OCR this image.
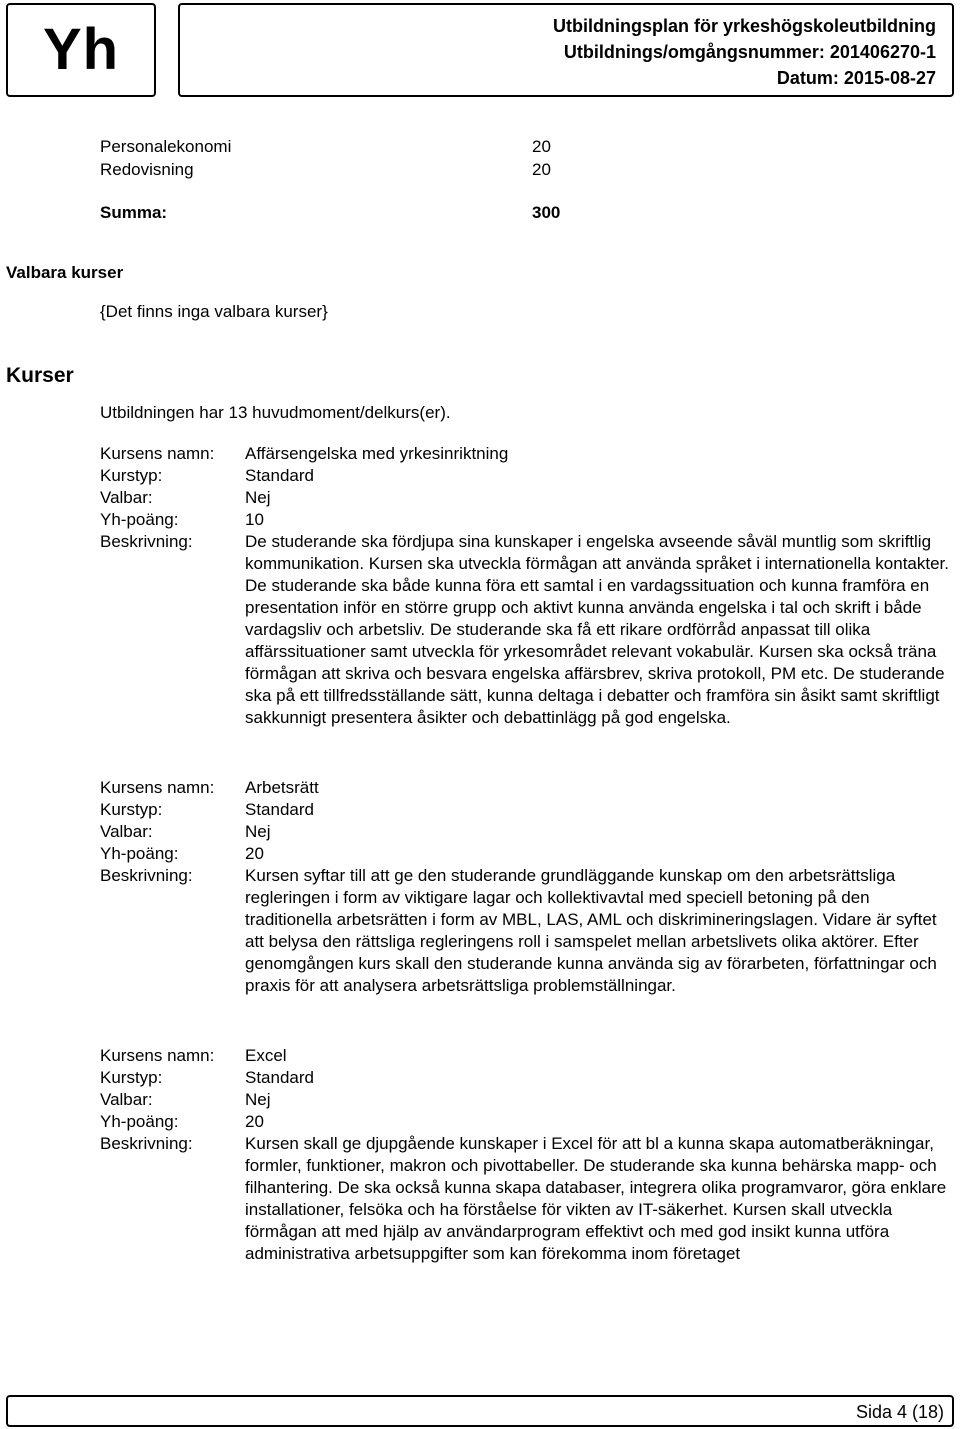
Yh	Utbildningsplan för yrkeshögskoleutbildning
Utbildnings/omgångsnummer: 201406270-1
Datum: 2015-08-27
Personalekonomi	20
Redovisning	20
Summa:	300
Valbara kurser
{Det finns inga valbara kurser}
Kurser
Utbildningen har 13 huvudmoment/delkurs(er).
Kursens namn:	Affärsengelska med yrkesinriktning
Kurstyp:	Standard
Valbar:	Nej
Yh-poäng:	10
Beskrivning:	De studerande ska fördjupa sina kunskaper i engelska avseende såväl muntlig som skriftlig kommunikation. Kursen ska utveckla förmågan att använda språket i internationella kontakter. De studerande ska både kunna föra ett samtal i en vardagssituation och kunna framföra en presentation inför en större grupp och aktivt kunna använda engelska i tal och skrift i både vardagsliv och arbetsliv. De studerande ska få ett rikare ordförråd anpassat till olika affärssituationer samt utveckla för yrkesområdet relevant vokabulär. Kursen ska också träna förmågan att skriva och besvara engelska affärsbrev, skriva protokoll, PM etc. De studerande ska på ett tillfredsställande sätt, kunna deltaga i debatter och framföra sin åsikt samt skriftligt sakkunnigt presentera åsikter och debattinlägg på god engelska.
Kursens namn:	Arbetsrätt
Kurstyp:	Standard
Valbar:	Nej
Yh-poäng:	20
Beskrivning:	Kursen syftar till att ge den studerande grundläggande kunskap om den arbetsrättsliga regleringen i form av viktigare lagar och kollektivavtal med speciell betoning på den traditionella arbetsrätten i form av MBL, LAS, AML och diskrimineringslagen. Vidare är syftet att belysa den rättsliga regleringens roll i samspelet mellan arbetslivets olika aktörer. Efter genomgången kurs skall den studerande kunna använda sig av förarbeten, författningar och praxis för att analysera arbetsrättsliga problemställningar.
Kursens namn:	Excel
Kurstyp:	Standard
Valbar:	Nej
Yh-poäng:	20
Beskrivning:	Kursen skall ge djupgående kunskaper i Excel för att bl a kunna skapa automatberäkningar, formler, funktioner, makron och pivottabeller. De studerande ska kunna behärska mapp- och filhantering. De ska också kunna skapa databaser, integrera olika programvaror, göra enklare installationer, felsöka och ha förståelse för vikten av IT-säkerhet. Kursen skall utveckla förmågan att med hjälp av användarprogram effektivt och med god insikt kunna utföra administrativa arbetsuppgifter som kan förekomma inom företaget
Sida 4 (18)
